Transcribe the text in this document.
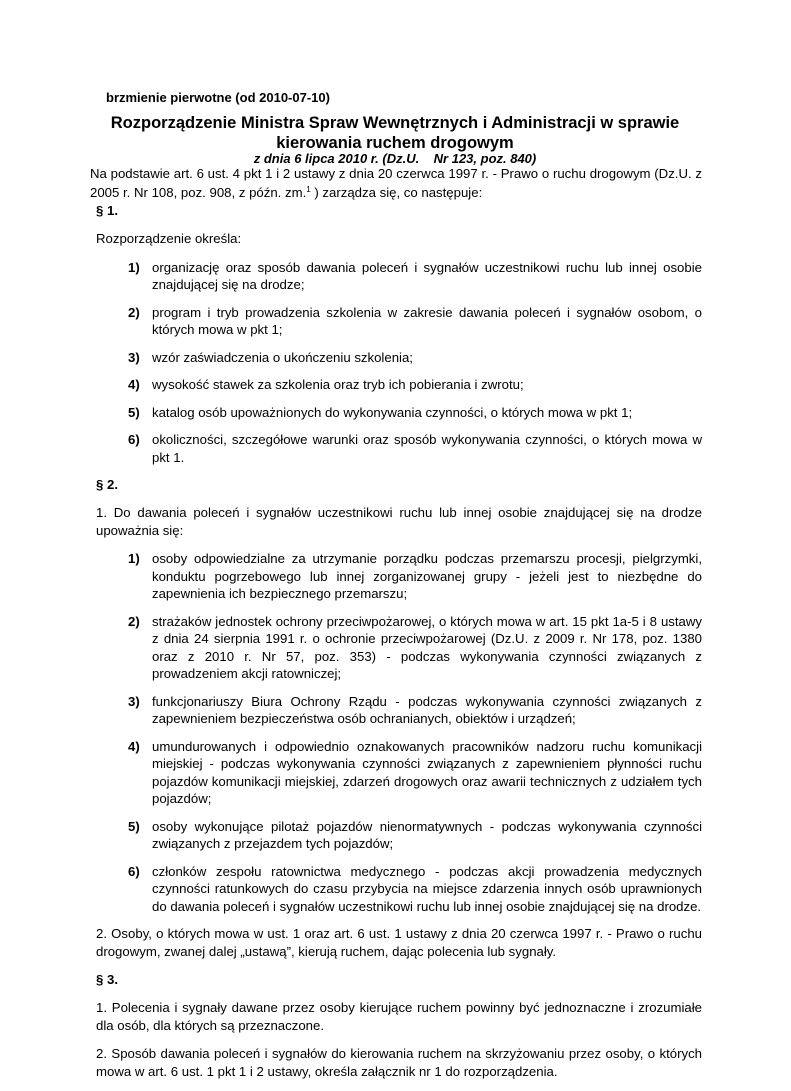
brzmienie pierwotne (od 2010-07-10)
Rozporządzenie Ministra Spraw Wewnętrznych i Administracji w sprawie kierowania ruchem drogowym
z dnia 6 lipca 2010 r. (Dz.U.    Nr 123, poz. 840)
Na podstawie art. 6 ust. 4 pkt 1 i 2 ustawy z dnia 20 czerwca 1997 r. - Prawo o ruchu drogowym (Dz.U. z 2005 r. Nr 108, poz. 908, z późn. zm.$^1$ ) zarządza się, co następuje:
§ 1.
Rozporządzenie określa:
1) organizację oraz sposób dawania poleceń i sygnałów uczestnikowi ruchu lub innej osobie znajdującej się na drodze;
2) program i tryb prowadzenia szkolenia w zakresie dawania poleceń i sygnałów osobom, o których mowa w pkt 1;
3) wzór zaświadczenia o ukończeniu szkolenia;
4) wysokość stawek za szkolenia oraz tryb ich pobierania i zwrotu;
5) katalog osób upoważnionych do wykonywania czynności, o których mowa w pkt 1;
6) okoliczności, szczegółowe warunki oraz sposób wykonywania czynności, o których mowa w pkt 1.
§ 2.
1. Do dawania poleceń i sygnałów uczestnikowi ruchu lub innej osobie znajdującej się na drodze upoważnia się:
1) osoby odpowiedzialne za utrzymanie porządku podczas przemarszu procesji, pielgrzymki, konduktu pogrzebowego lub innej zorganizowanej grupy - jeżeli jest to niezbędne do zapewnienia ich bezpiecznego przemarszu;
2) strażaków jednostek ochrony przeciwpożarowej, o których mowa w art. 15 pkt 1a-5 i 8 ustawy z dnia 24 sierpnia 1991 r. o ochronie przeciwpożarowej (Dz.U. z 2009 r. Nr 178, poz. 1380 oraz z 2010 r. Nr 57, poz. 353) - podczas wykonywania czynności związanych z prowadzeniem akcji ratowniczej;
3) funkcjonariuszy Biura Ochrony Rządu - podczas wykonywania czynności związanych z zapewnieniem bezpieczeństwa osób ochranianych, obiektów i urządzeń;
4) umundurowanych i odpowiednio oznakowanych pracowników nadzoru ruchu komunikacji miejskiej - podczas wykonywania czynności związanych z zapewnieniem płynności ruchu pojazdów komunikacji miejskiej, zdarzeń drogowych oraz awarii technicznych z udziałem tych pojazdów;
5) osoby wykonujące pilotaż pojazdów nienormatywnych - podczas wykonywania czynności związanych z przejazdem tych pojazdów;
6) członków zespołu ratownictwa medycznego - podczas akcji prowadzenia medycznych czynności ratunkowych do czasu przybycia na miejsce zdarzenia innych osób uprawnionych do dawania poleceń i sygnałów uczestnikowi ruchu lub innej osobie znajdującej się na drodze.
2. Osoby, o których mowa w ust. 1 oraz art. 6 ust. 1 ustawy z dnia 20 czerwca 1997 r. - Prawo o ruchu drogowym, zwanej dalej „ustawą”, kierują ruchem, dając polecenia lub sygnały.
§ 3.
1. Polecenia i sygnały dawane przez osoby kierujące ruchem powinny być jednoznaczne i zrozumiałe dla osób, dla których są przeznaczone.
2. Sposób dawania poleceń i sygnałów do kierowania ruchem na skrzyżowaniu przez osoby, o których mowa w art. 6 ust. 1 pkt 1 i 2 ustawy, określa załącznik nr 1 do rozporządzenia.
